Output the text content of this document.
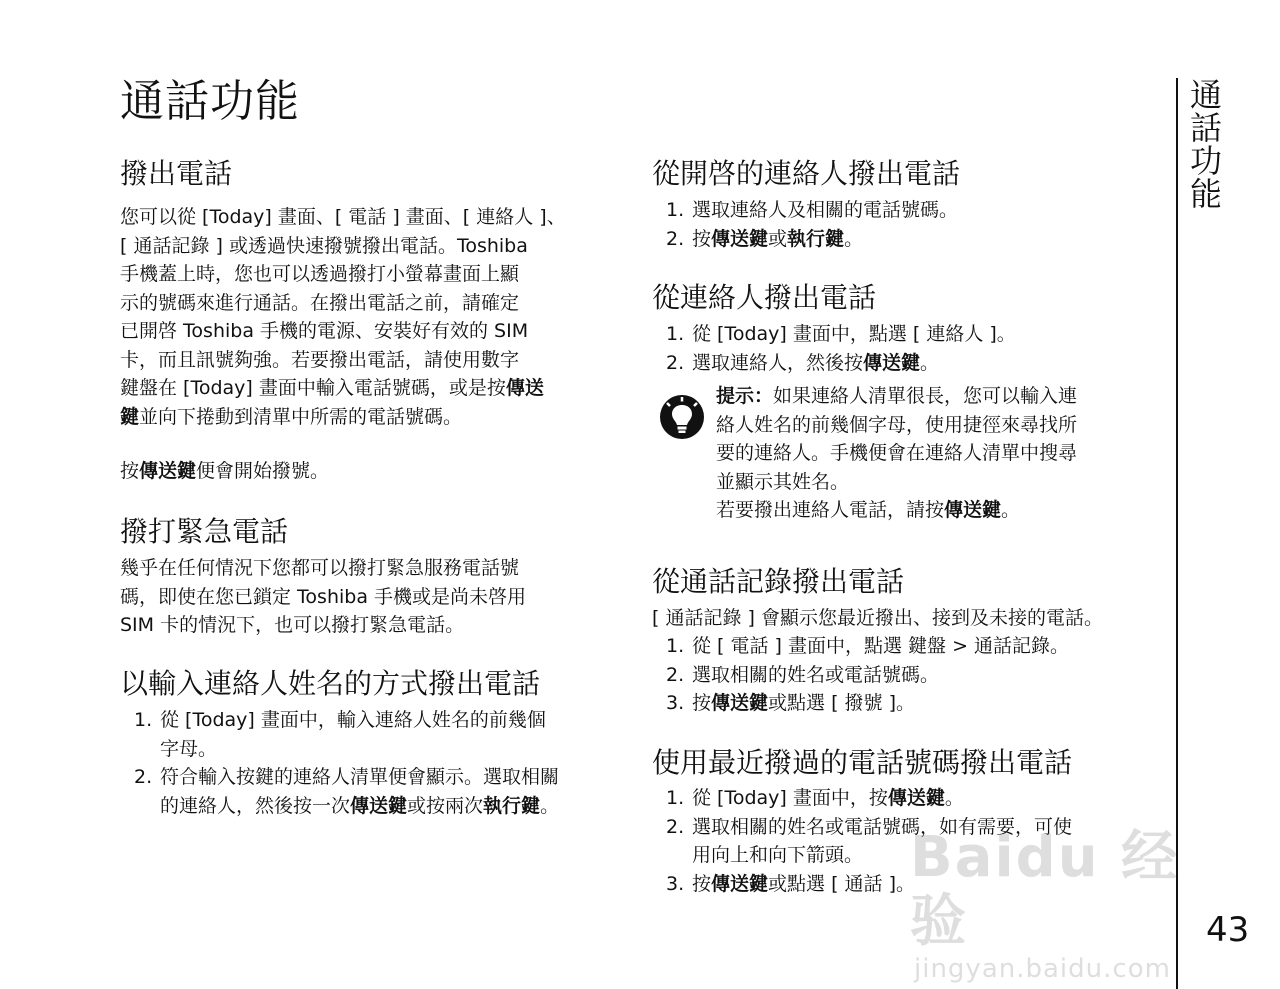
通話功能	通話功能
43
撥出電話
您可以從 [Today] 畫面、[ 電話 ] 畫面、[ 連絡人 ]、
[ 通話記錄 ] 或透過快速撥號撥出電話。Toshiba
手機蓋上時，您也可以透過撥打小螢幕畫面上顯
示的號碼來進行通話。在撥出電話之前，請確定
已開啓 Toshiba 手機的電源、安裝好有效的 SIM
卡，而且訊號夠強。若要撥出電話，請使用數字
鍵盤在 [Today] 畫面中輸入電話號碼，或是按傳送
鍵並向下捲動到清單中所需的電話號碼。
按傳送鍵便會開始撥號。
撥打緊急電話
幾乎在任何情況下您都可以撥打緊急服務電話號
碼，即使在您已鎖定 Toshiba 手機或是尚未啓用
SIM 卡的情況下，也可以撥打緊急電話。
以輸入連絡人姓名的方式撥出電話
1. 從 [Today] 畫面中，輸入連絡人姓名的前幾個
字母。
2. 符合輸入按鍵的連絡人清單便會顯示。選取相關
的連絡人，然後按一次傳送鍵或按兩次執行鍵。
從開啓的連絡人撥出電話
1. 選取連絡人及相關的電話號碼。
2. 按傳送鍵或執行鍵。
從連絡人撥出電話
1. 從 [Today] 畫面中，點選 [ 連絡人 ]。
2. 選取連絡人，然後按傳送鍵。
提示：如果連絡人清單很長，您可以輸入連
絡人姓名的前幾個字母，使用捷徑來尋找所
要的連絡人。手機便會在連絡人清單中搜尋
並顯示其姓名。
若要撥出連絡人電話，請按傳送鍵。
從通話記錄撥出電話
[ 通話記錄 ] 會顯示您最近撥出、接到及未接的電話。
1. 從 [ 電話 ] 畫面中，點選 鍵盤 > 通話記錄。
2. 選取相關的姓名或電話號碼。
3. 按傳送鍵或點選 [ 撥號 ]。
使用最近撥過的電話號碼撥出電話
1. 從 [Today] 畫面中，按傳送鍵。
2. 選取相關的姓名或電話號碼，如有需要，可使
用向上和向下箭頭。
3. 按傳送鍵或點選 [ 通話 ]。
Baidu 经验
jingyan.baidu.com
